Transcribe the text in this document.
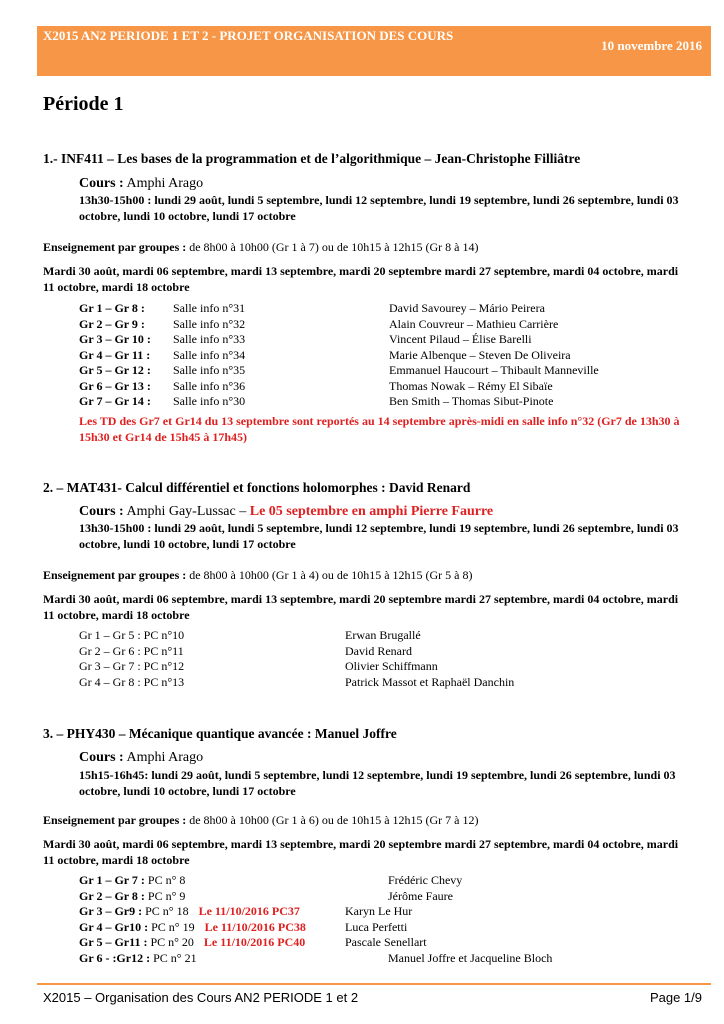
X2015 AN2 PERIODE 1 ET 2 - PROJET ORGANISATION DES COURS
10 novembre 2016
Période 1
1.- INF411 – Les bases de la programmation et de l’algorithmique – Jean-Christophe Filliâtre
Cours : Amphi Arago
13h30-15h00 : lundi 29 août, lundi 5 septembre, lundi 12 septembre, lundi 19 septembre, lundi 26 septembre, lundi 03 octobre, lundi 10 octobre, lundi 17 octobre
Enseignement par groupes : de 8h00 à 10h00 (Gr 1 à 7) ou de 10h15 à 12h15 (Gr 8 à 14)
Mardi 30 août, mardi 06 septembre, mardi 13 septembre, mardi 20 septembre mardi 27 septembre, mardi 04 octobre, mardi 11 octobre, mardi 18 octobre
Gr 1 – Gr 8 :	Salle info n°31	David Savourey – Mário Peirera
Gr 2 – Gr 9 :	Salle info n°32	Alain Couvreur – Mathieu Carrière
Gr 3 – Gr 10 :	Salle info n°33	Vincent Pilaud – Élise Barelli
Gr 4 – Gr 11 :	Salle info n°34	Marie Albenque – Steven De Oliveira
Gr 5 – Gr 12 :	Salle info n°35	Emmanuel Haucourt – Thibault Manneville
Gr 6 – Gr 13 :	Salle info n°36	Thomas Nowak – Rémy El Sibaïe
Gr 7 – Gr 14 :	Salle info n°30	Ben Smith – Thomas Sibut-Pinote
Les TD des Gr7 et Gr14 du 13 septembre sont reportés au 14 septembre après-midi en salle info n°32 (Gr7 de 13h30 à 15h30 et Gr14 de 15h45 à 17h45)
2. – MAT431- Calcul différentiel et fonctions holomorphes : David Renard
Cours : Amphi Gay-Lussac – Le 05 septembre en amphi Pierre Faurre
13h30-15h00 : lundi 29 août, lundi 5 septembre, lundi 12 septembre, lundi 19 septembre, lundi 26 septembre, lundi 03 octobre, lundi 10 octobre, lundi 17 octobre
Enseignement par groupes : de 8h00 à 10h00 (Gr 1 à 4) ou de 10h15 à 12h15 (Gr 5 à 8)
Mardi 30 août, mardi 06 septembre, mardi 13 septembre, mardi 20 septembre mardi 27 septembre, mardi 04 octobre, mardi 11 octobre, mardi 18 octobre
Gr 1 – Gr 5 : PC n°10	Erwan Brugallé
Gr 2 – Gr 6 : PC n°11	David Renard
Gr 3 – Gr 7 : PC n°12	Olivier Schiffmann
Gr 4 – Gr 8 : PC n°13	Patrick Massot et Raphaël Danchin
3. – PHY430 – Mécanique quantique avancée : Manuel Joffre
Cours : Amphi Arago
15h15-16h45: lundi 29 août, lundi 5 septembre, lundi 12 septembre, lundi 19 septembre, lundi 26 septembre, lundi 03 octobre, lundi 10 octobre, lundi 17 octobre
Enseignement par groupes : de 8h00 à 10h00 (Gr 1 à 6) ou de 10h15 à 12h15 (Gr 7 à 12)
Mardi 30 août, mardi 06 septembre, mardi 13 septembre, mardi 20 septembre mardi 27 septembre, mardi 04 octobre, mardi 11 octobre, mardi 18 octobre
Gr 1 – Gr 7 : PC n° 8	Frédéric Chevy
Gr 2 – Gr 8 : PC n° 9	Jérôme Faure
Gr 3 – Gr9 : PC n° 18 Le 11/10/2016 PC37	Karyn Le Hur
Gr 4 – Gr10 : PC n° 19 Le 11/10/2016 PC38	Luca Perfetti
Gr 5 – Gr11 : PC n° 20 Le 11/10/2016 PC40	Pascale Senellart
Gr 6 - :Gr12 : PC n° 21	Manuel Joffre et Jacqueline Bloch
X2015 – Organisation des Cours AN2 PERIODE 1 et 2	Page 1/9
